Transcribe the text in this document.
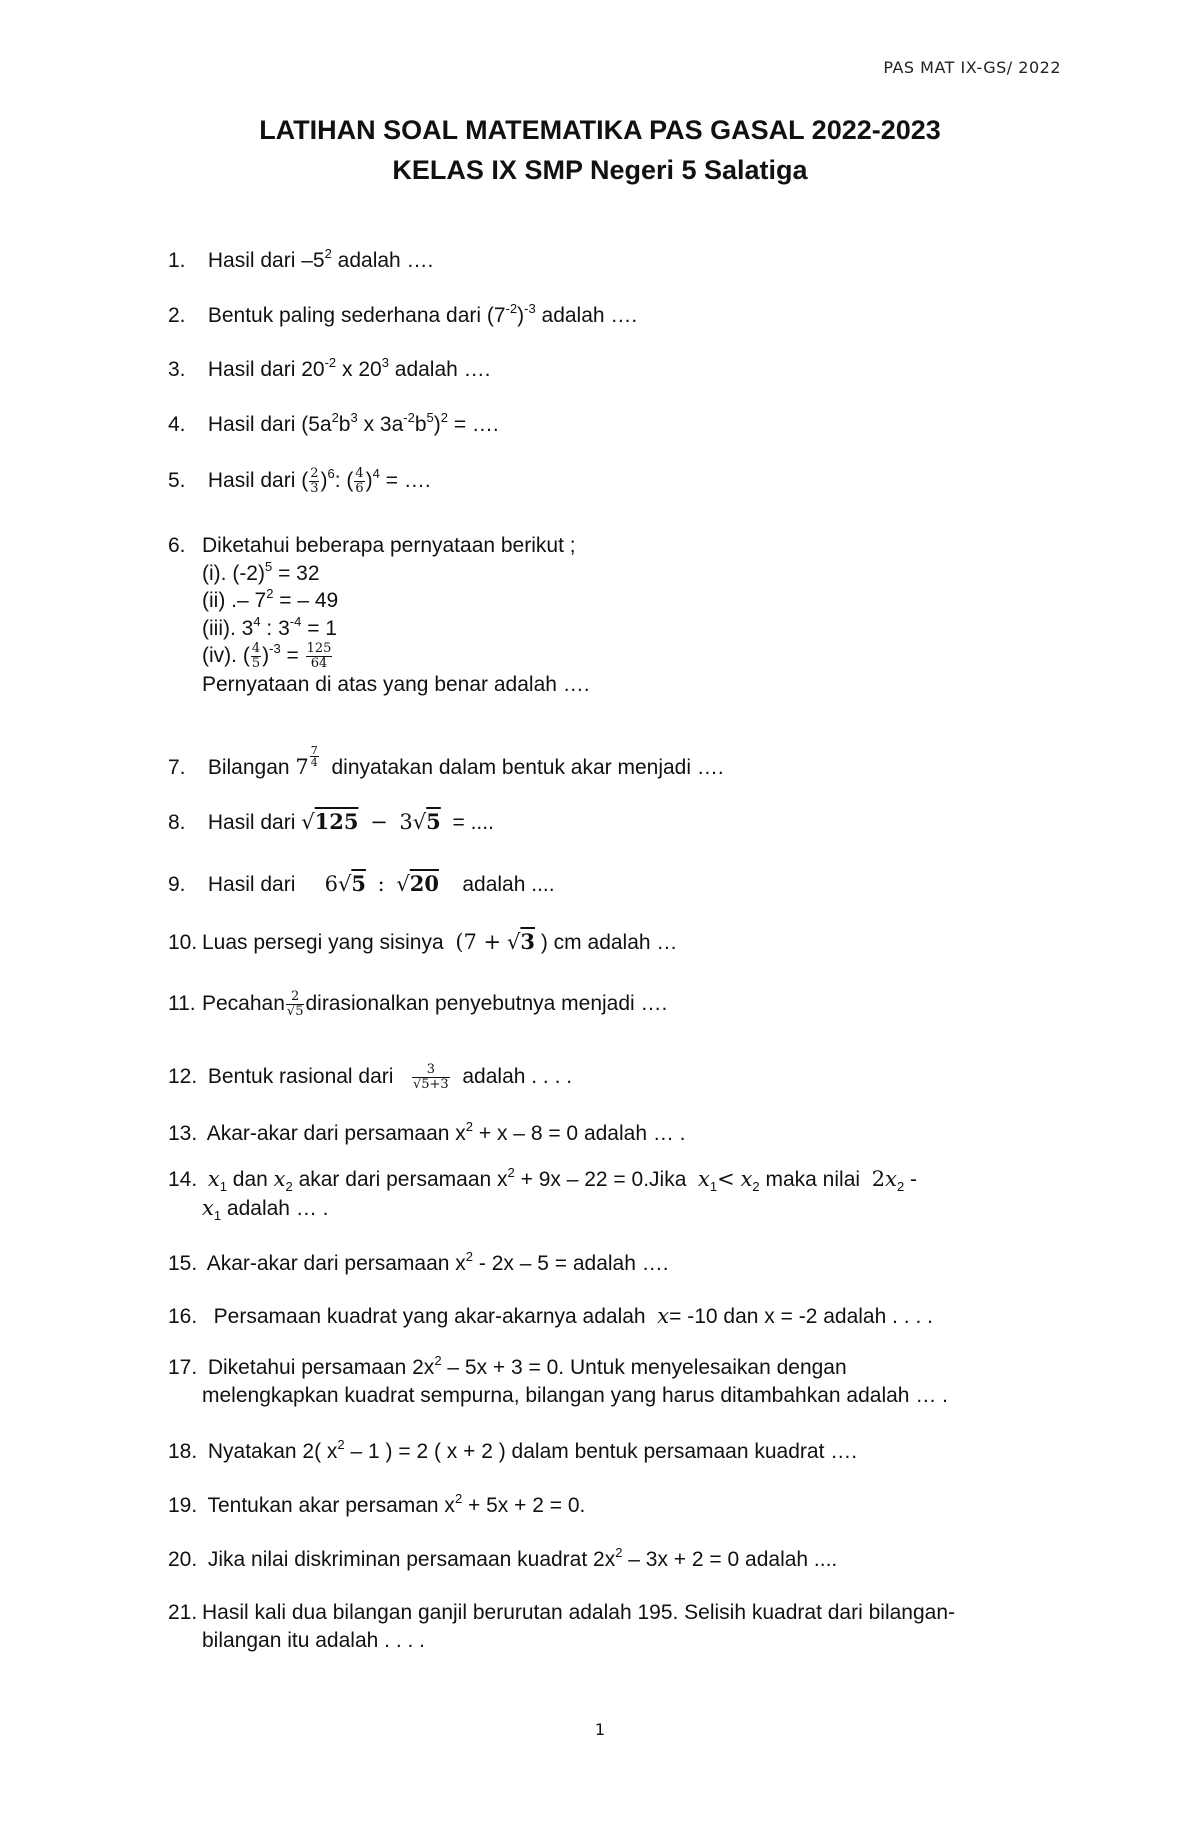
PAS MAT IX-GS/ 2022
LATIHAN SOAL MATEMATIKA PAS GASAL 2022-2023
KELAS IX SMP Negeri 5 Salatiga
1. Hasil dari $-5^2$ adalah ….
2. Bentuk paling sederhana dari $(7^{-2})^{-3}$ adalah ….
3. Hasil dari $20^{-2}$ x $20^3$ adalah ….
4. Hasil dari ($5a^2b^3$ x $3a^{-2}b^5)^2$ = ….
5. Hasil dari ( $\frac{2}{3} )^6$: ( $\frac{4}{6} )^4$ = ….
6. Diketahui beberapa pernyataan berikut ;
(i). $(-2)^5 = 32$
(ii) .– $7^2$ = – 49
(iii). $3^4$ : $3^{-4} = 1$
(iv). ( $\frac{4}{5} )^{-3} = \frac{125}{64}$
Pernyataan di atas yang benar adalah ….
7. Bilangan $7 \frac{7}{4}$ dinyatakan dalam bentuk akar menjadi ….
8. Hasil dari √125 − 3√5 = ....
9. Hasil dari 6√5 : √20 adalah ....
10. Luas persegi yang sisinya (7 + √3 ) cm adalah …
11. Pecahan $\frac{2}{√5}$ dirasionalkan penyebutnya menjadi ….
12. Bentuk rasional dari $\frac{3}{√5+3}$ adalah . . . .
13. Akar-akar dari persamaan $x^2 + x - 8 = 0$ adalah … .
14. $x_1$ dan $x_2$ akar dari persamaan $x^2 + 9x - 22$ = 0.Jika $x_1< x_2$ maka nilai $2x_2$ -
$x_1$ adalah … .
15. Akar-akar dari persamaan $x^2 - 2x - 5$ = adalah ….
16. Persamaan kuadrat yang akar-akarnya adalah x= -10 dan x = -2 adalah . . . .
17. Diketahui persamaan $2x^2 - 5x + 3 = 0$. Untuk menyelesaikan dengan
melengkapkan kuadrat sempurna, bilangan yang harus ditambahkan adalah … .
18. Nyatakan 2( $x^2 - 1$ ) = 2 ( x + 2 ) dalam bentuk persamaan kuadrat ….
19. Tentukan akar persaman $x^2 + 5x + 2 = 0$.
20. Jika nilai diskriminan persamaan kuadrat $2x^2 - 3x + 2 = 0$ adalah ....
21. Hasil kali dua bilangan ganjil berurutan adalah 195. Selisih kuadrat dari bilangan-
bilangan itu adalah . . . .
1
